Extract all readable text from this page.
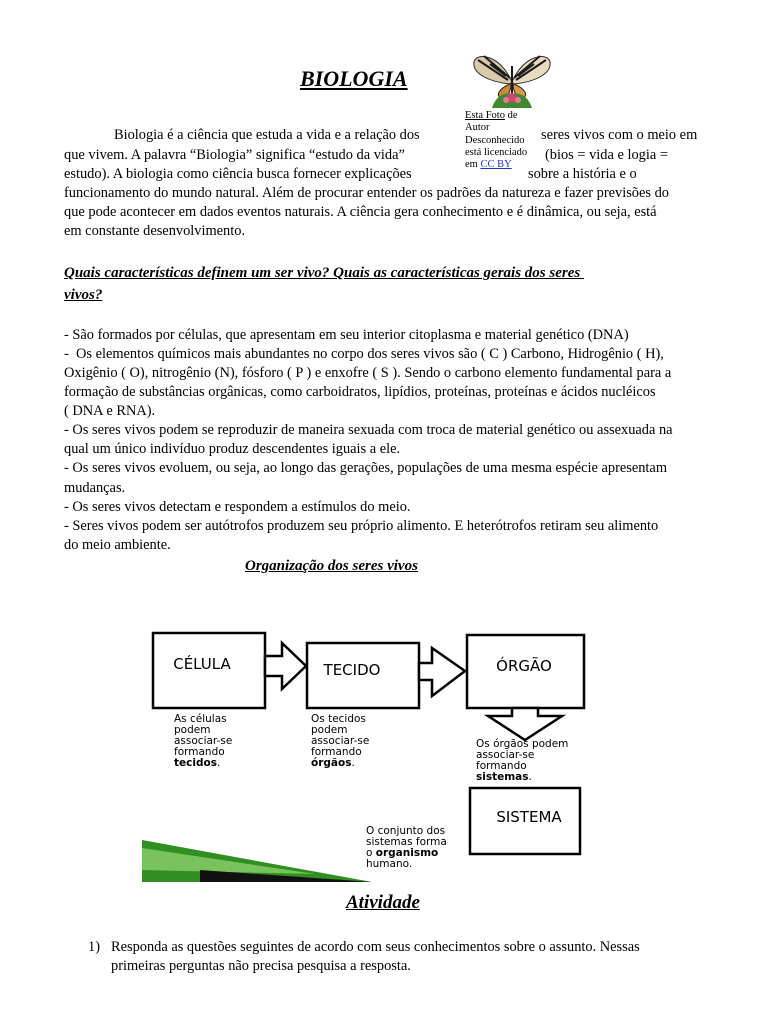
BIOLOGIA
Esta Foto de
Autor
Desconhecido
está licenciado
em CC BY
Biologia é a ciência que estuda a vida e a relação dos	seres vivos com o meio em
que vivem. A palavra “Biologia” significa “estudo da vida”	(bios = vida e logia =
estudo). A biologia como ciência busca fornecer explicações	sobre a história e o
funcionamento do mundo natural. Além de procurar entender os padrões da natureza e fazer previsões do
que pode acontecer em dados eventos naturais. A ciência gera conhecimento e é dinâmica, ou seja, está
em constante desenvolvimento.
Quais características definem um ser vivo? Quais as características gerais dos seres
vivos?
- São formados por células, que apresentam em seu interior citoplasma e material genético (DNA)
-  Os elementos químicos mais abundantes no corpo dos seres vivos são ( C ) Carbono, Hidrogênio ( H),
Oxigênio ( O), nitrogênio (N), fósforo ( P ) e enxofre ( S ). Sendo o carbono elemento fundamental para a
formação de substâncias orgânicas, como carboidratos, lipídios, proteínas, proteínas e ácidos nucléicos
( DNA e RNA).
- Os seres vivos podem se reproduzir de maneira sexuada com troca de material genético ou assexuada na
qual um único indivíduo produz descendentes iguais a ele.
- Os seres vivos evoluem, ou seja, ao longo das gerações, populações de uma mesma espécie apresentam
mudanças.
- Os seres vivos detectam e respondem a estímulos do meio.
- Seres vivos podem ser autótrofos produzem seu próprio alimento. E heterótrofos retiram seu alimento
do meio ambiente.
Organização dos seres vivos
CÉLULA	TECIDO	ÓRGÃO
SISTEMA
As células
podem
associar-se
formando
tecidos.
Os tecidos
podem
associar-se
formando
órgãos.
Os órgãos podem
associar-se
formando
sistemas.
O conjunto dos
sistemas forma
o organismo
humano.
Atividade
1) Responda as questões seguintes de acordo com seus conhecimentos sobre o assunto. Nessas
primeiras perguntas não precisa pesquisa a resposta.
